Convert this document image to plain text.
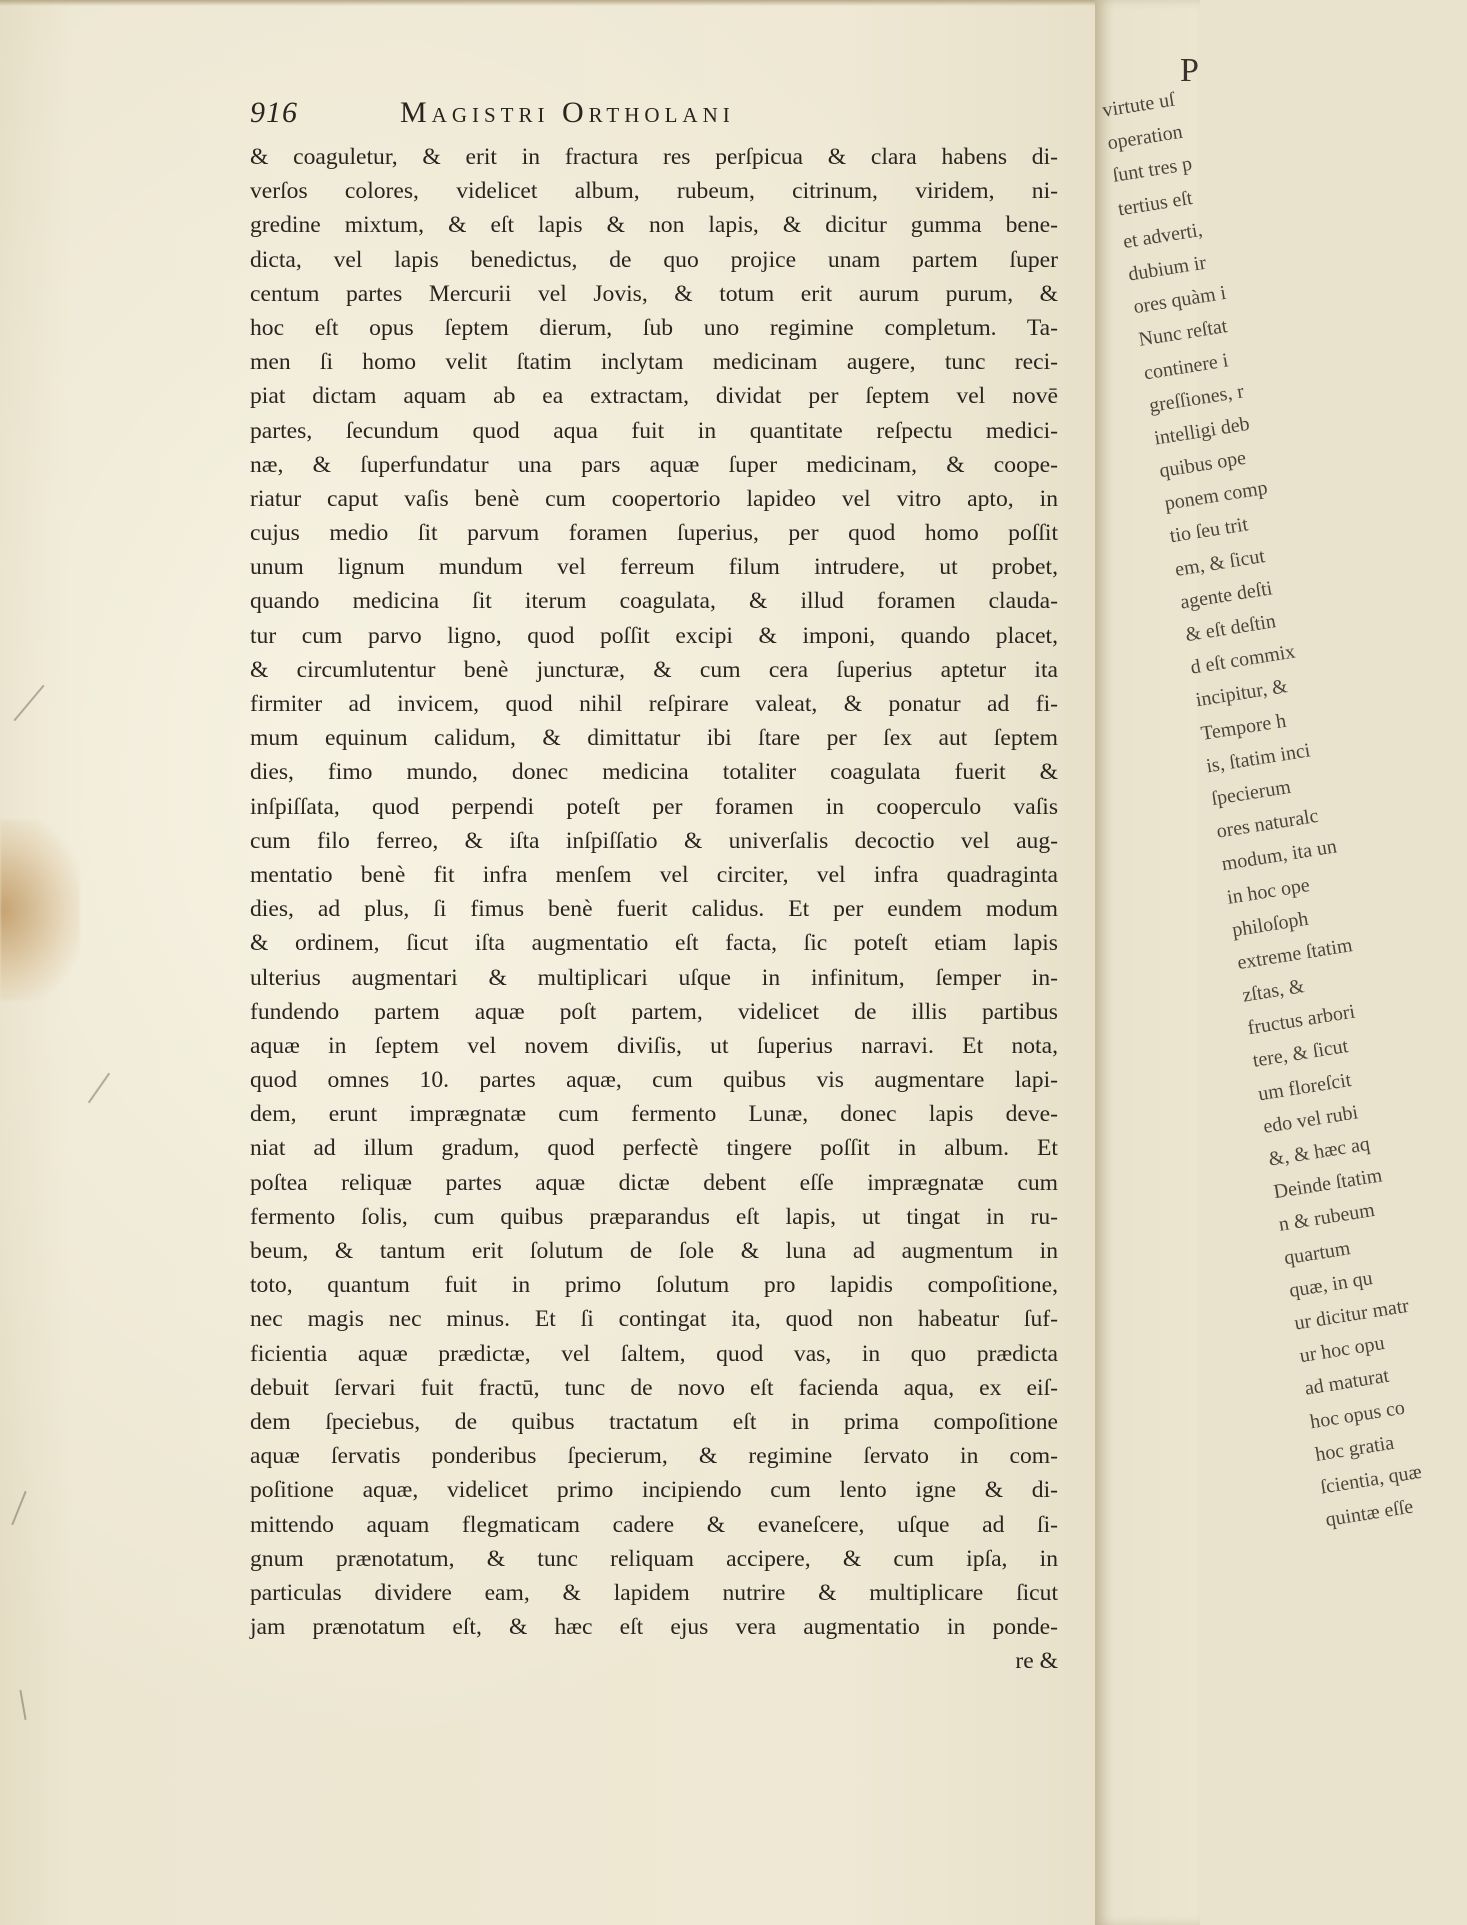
916	Magistri Ortholani
& coaguletur, & erit in fractura res perſpicua & clara habens di-
verſos colores, videlicet album, rubeum, citrinum, viridem, ni-
gredine mixtum, & eſt lapis & non lapis, & dicitur gumma bene-
dicta, vel lapis benedictus, de quo projice unam partem ſuper
centum partes Mercurii vel Jovis, & totum erit aurum purum, &
hoc eſt opus ſeptem dierum, ſub uno regimine completum. Ta-
men ſi homo velit ſtatim inclytam medicinam augere, tunc reci-
piat dictam aquam ab ea extractam, dividat per ſeptem vel novē
partes, ſecundum quod aqua fuit in quantitate reſpectu medici-
næ, & ſuperfundatur una pars aquæ ſuper medicinam, & coope-
riatur caput vaſis benè cum coopertorio lapideo vel vitro apto, in
cujus medio ſit parvum foramen ſuperius, per quod homo poſſit
unum lignum mundum vel ferreum filum intrudere, ut probet,
quando medicina ſit iterum coagulata, & illud foramen clauda-
tur cum parvo ligno, quod poſſit excipi & imponi, quando placet,
& circumlutentur benè juncturæ, & cum cera ſuperius aptetur ita
firmiter ad invicem, quod nihil reſpirare valeat, & ponatur ad fi-
mum equinum calidum, & dimittatur ibi ſtare per ſex aut ſeptem
dies, fimo mundo, donec medicina totaliter coagulata fuerit &
inſpiſſata, quod perpendi poteſt per foramen in cooperculo vaſis
cum filo ferreo, & iſta inſpiſſatio & univerſalis decoctio vel aug-
mentatio benè fit infra menſem vel circiter, vel infra quadraginta
dies, ad plus, ſi fimus benè fuerit calidus. Et per eundem modum
& ordinem, ſicut iſta augmentatio eſt facta, ſic poteſt etiam lapis
ulterius augmentari & multiplicari uſque in infinitum, ſemper in-
fundendo partem aquæ poſt partem, videlicet de illis partibus
aquæ in ſeptem vel novem diviſis, ut ſuperius narravi. Et nota,
quod omnes 10. partes aquæ, cum quibus vis augmentare lapi-
dem, erunt imprægnatæ cum fermento Lunæ, donec lapis deve-
niat ad illum gradum, quod perfectè tingere poſſit in album. Et
poſtea reliquæ partes aquæ dictæ debent eſſe imprægnatæ cum
fermento ſolis, cum quibus præparandus eſt lapis, ut tingat in ru-
beum, & tantum erit ſolutum de ſole & luna ad augmentum in
toto, quantum fuit in primo ſolutum pro lapidis compoſitione,
nec magis nec minus. Et ſi contingat ita, quod non habeatur ſuf-
ficientia aquæ prædictæ, vel ſaltem, quod vas, in quo prædicta
debuit ſervari fuit fractū, tunc de novo eſt facienda aqua, ex eiſ-
dem ſpeciebus, de quibus tractatum eſt in prima compoſitione
aquæ ſervatis ponderibus ſpecierum, & regimine ſervato in com-
poſitione aquæ, videlicet primo incipiendo cum lento igne & di-
mittendo aquam flegmaticam cadere & evaneſcere, uſque ad ſi-
gnum prænotatum, & tunc reliquam accipere, & cum ipſa, in
particulas dividere eam, & lapidem nutrire & multiplicare ſicut
jam prænotatum eſt, & hæc eſt ejus vera augmentatio in ponde-
re &
P
virtute uſ
operation
ſunt tres p
tertius eſt
et adverti,
dubium ir
ores quàm i
Nunc reſtat
continere i
greſſiones, r
intelligi deb
quibus ope
ponem comp
tio ſeu trit
em, & ſicut
agente deſti
& eſt deſtin
d eſt commix
incipitur, &
Tempore h
is, ſtatim inci
ſpecierum
ores naturalc
modum, ita un
in hoc ope
philoſoph
extreme ſtatim
zſtas, &
fructus arbori
tere, & ſicut
um floreſcit
edo vel rubi
&, & hæc aq
Deinde ſtatim
n & rubeum
quartum
quæ, in qu
ur dicitur matr
ur hoc opu
ad maturat
hoc opus co
hoc gratia
ſcientia, quæ
quintæ eſſe
